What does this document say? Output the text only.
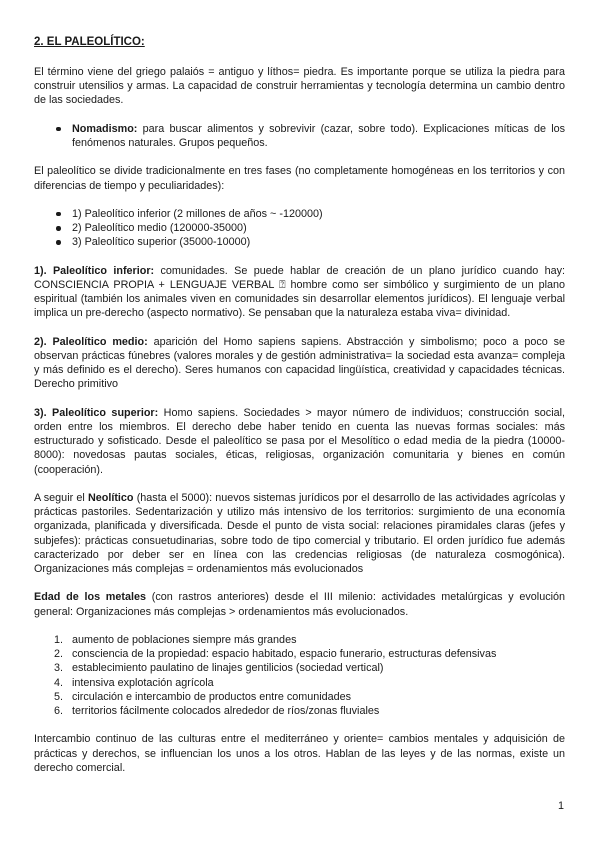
2. EL PALEOLÍTICO:

El término viene del griego palaiós = antiguo y líthos= piedra. Es importante porque se utiliza la piedra para construir utensilios y armas. La capacidad de construir herramientas y tecnología determina un cambio dentro de las sociedades.

Nomadismo: para buscar alimentos y sobrevivir (cazar, sobre todo). Explicaciones míticas de los fenómenos naturales. Grupos pequeños.

El paleolítico se divide tradicionalmente en tres fases (no completamente homogéneas en los territorios y con diferencias de tiempo y peculiaridades):

1) Paleolítico inferior (2 millones de años ~ -120000)
2) Paleolítico medio (120000-35000)
3) Paleolítico superior (35000-10000)

1). Paleolítico inferior: comunidades. Se puede hablar de creación de un plano jurídico cuando hay: CONSCIENCIA PROPIA + LENGUAJE VERBAL ⍰ hombre como ser simbólico y surgimiento de un plano espiritual (también los animales viven en comunidades sin desarrollar elementos jurídicos). El lenguaje verbal implica un pre-derecho (aspecto normativo). Se pensaban que la naturaleza estaba viva= divinidad.

2). Paleolítico medio: aparición del Homo sapiens sapiens. Abstracción y simbolismo; poco a poco se observan prácticas fúnebres (valores morales y de gestión administrativa= la sociedad esta avanza= compleja y más definido es el derecho). Seres humanos con capacidad lingüística, creatividad y capacidades técnicas. Derecho primitivo

3). Paleolítico superior: Homo sapiens. Sociedades > mayor número de individuos; construcción social, orden entre los miembros. El derecho debe haber tenido en cuenta las nuevas formas sociales: más estructurado y sofisticado. Desde el paleolítico se pasa por el Mesolítico o edad media de la piedra (10000-8000): novedosas pautas sociales, éticas, religiosas, organización comunitaria y bienes en común (cooperación).

A seguir el Neolítico (hasta el 5000): nuevos sistemas jurídicos por el desarrollo de las actividades agrícolas y prácticas pastoriles. Sedentarización y utilizo más intensivo de los territorios: surgimiento de una economía organizada, planificada y diversificada. Desde el punto de vista social: relaciones piramidales claras (jefes y subjefes): prácticas consuetudinarias, sobre todo de tipo comercial y tributario. El orden jurídico fue además caracterizado por deber ser en línea con las credencias religiosas (de naturaleza cosmogónica). Organizaciones más complejas = ordenamientos más evolucionados

Edad de los metales (con rastros anteriores) desde el III milenio: actividades metalúrgicas y evolución general: Organizaciones más complejas > ordenamientos más evolucionados.

1. aumento de poblaciones siempre más grandes
2. consciencia de la propiedad: espacio habitado, espacio funerario, estructuras defensivas
3. establecimiento paulatino de linajes gentilicios (sociedad vertical)
4. intensiva explotación agrícola
5. circulación e intercambio de productos entre comunidades
6. territorios fácilmente colocados alrededor de ríos/zonas fluviales

Intercambio continuo de las culturas entre el mediterráneo y oriente= cambios mentales y adquisición de prácticas y derechos, se influencian los unos a los otros. Hablan de las leyes y de las normas, existe un derecho comercial.

1
